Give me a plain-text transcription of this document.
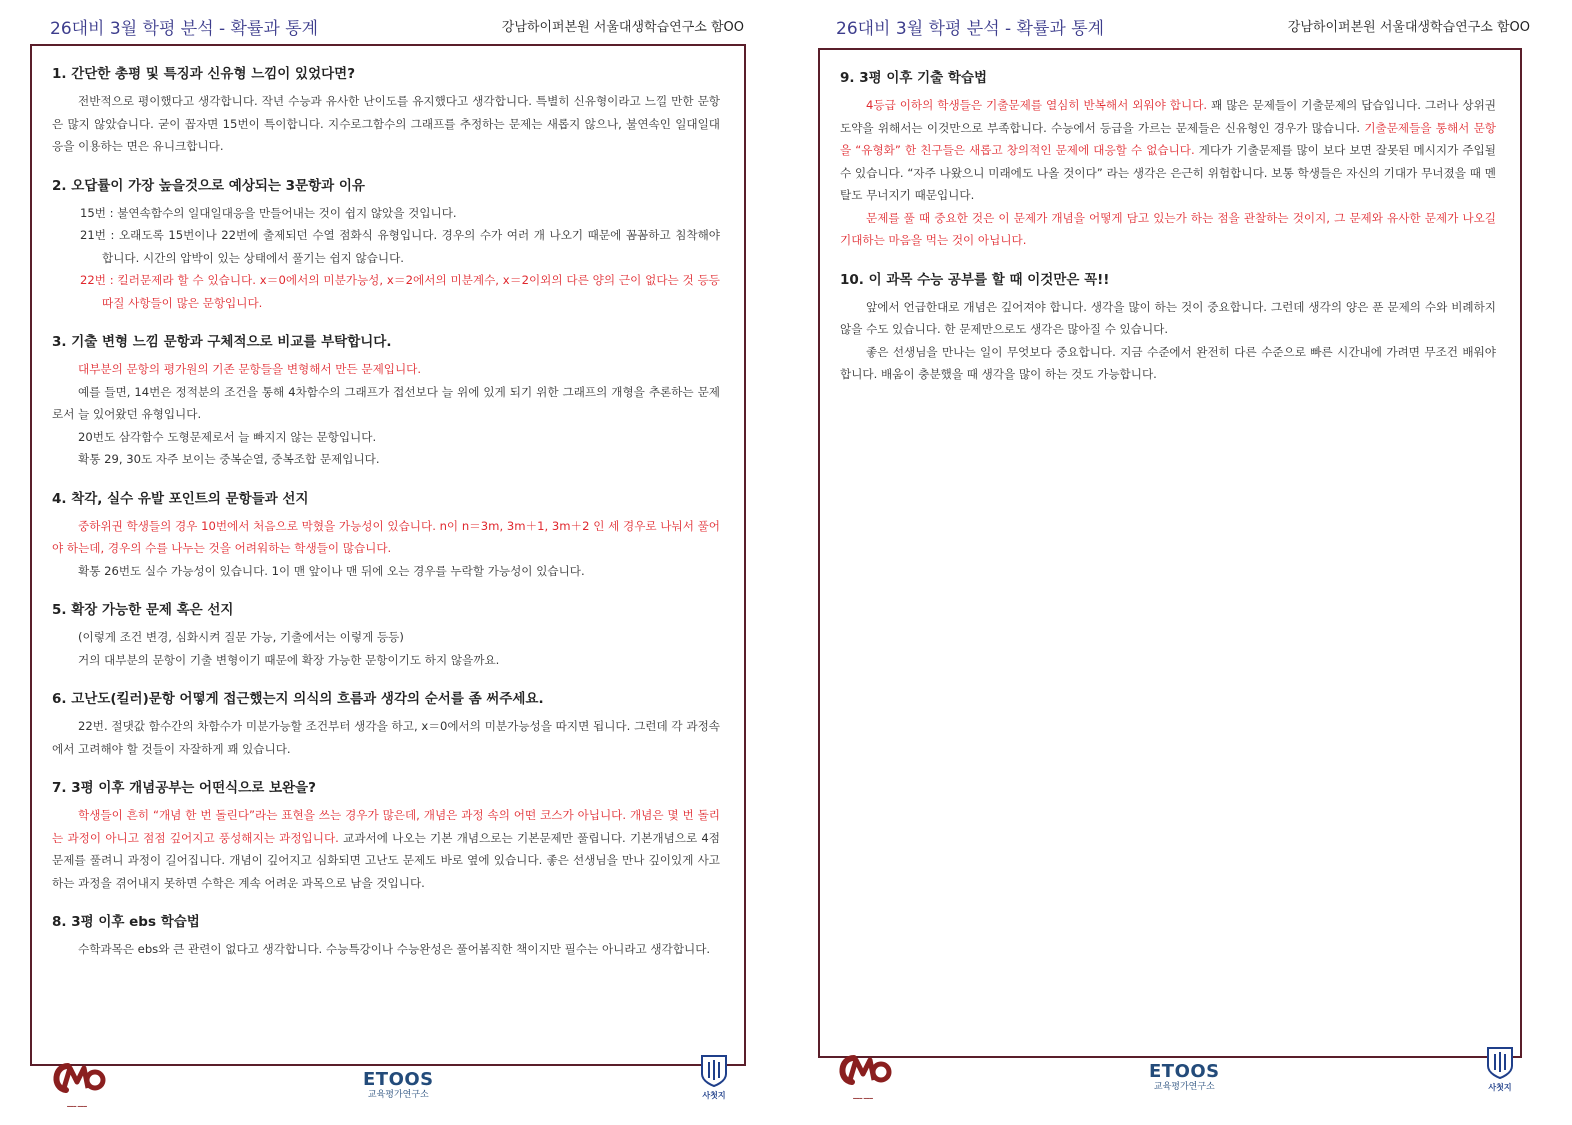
26대비 3월 학평 분석 - 확률과 통계	강남하이퍼본원 서울대생학습연구소 함OO
1. 간단한 총평 및 특징과 신유형 느낌이 있었다면?

전반적으로 평이했다고 생각합니다. 작년 수능과 유사한 난이도를 유지했다고 생각합니다. 특별히 신유형이라고 느낄 만한 문항은 많지 않았습니다. 굳이 꼽자면 15번이 특이합니다. 지수로그함수의 그래프를 추정하는 문제는 새롭지 않으나, 불연속인 일대일대응을 이용하는 면은 유니크합니다.

2. 오답률이 가장 높을것으로 예상되는 3문항과 이유

15번 : 불연속함수의 일대일대응을 만들어내는 것이 쉽지 않았을 것입니다.

21번 : 오래도록 15번이나 22번에 출제되던 수열 점화식 유형입니다. 경우의 수가 여러 개 나오기 때문에 꼼꼼하고 침착해야 합니다. 시간의 압박이 있는 상태에서 풀기는 쉽지 않습니다.

22번 : 킬러문제라 할 수 있습니다. x＝0에서의 미분가능성, x＝2에서의 미분계수, x＝2이외의 다른 양의 근이 없다는 것 등등 따질 사항들이 많은 문항입니다.

3. 기출 변형 느낌 문항과 구체적으로 비교를 부탁합니다.

대부분의 문항의 평가원의 기존 문항들을 변형해서 만든 문제입니다.

예를 들면, 14번은 정적분의 조건을 통해 4차함수의 그래프가 접선보다 늘 위에 있게 되기 위한 그래프의 개형을 추론하는 문제로서 늘 있어왔던 유형입니다.

20번도 삼각함수 도형문제로서 늘 빠지지 않는 문항입니다.

확통 29, 30도 자주 보이는 중복순열, 중복조합 문제입니다.

4. 착각, 실수 유발 포인트의 문항들과 선지

중하위권 학생들의 경우 10번에서 처음으로 막혔을 가능성이 있습니다. n이 n＝3m, 3m＋1, 3m＋2 인 세 경우로 나눠서 풀어야 하는데, 경우의 수를 나누는 것을 어려워하는 학생들이 많습니다.

확통 26번도 실수 가능성이 있습니다. 1이 맨 앞이나 맨 뒤에 오는 경우를 누락할 가능성이 있습니다.

5. 확장 가능한 문제 혹은 선지

(이렇게 조건 변경, 심화시켜 질문 가능, 기출에서는 이렇게 등등)

거의 대부분의 문항이 기출 변형이기 때문에 확장 가능한 문항이기도 하지 않을까요.

6. 고난도(킬러)문항 어떻게 접근했는지 의식의 흐름과 생각의 순서를 좀 써주세요.

22번. 절댓값 함수간의 차함수가 미분가능할 조건부터 생각을 하고, x＝0에서의 미분가능성을 따지면 됩니다. 그런데 각 과정속에서 고려해야 할 것들이 자잘하게 꽤 있습니다.

7. 3평 이후 개념공부는 어떤식으로 보완을?

학생들이 흔히 “개념 한 번 돌린다”라는 표현을 쓰는 경우가 많은데, 개념은 과정 속의 어떤 코스가 아닙니다. 개념은 몇 번 돌리는 과정이 아니고 점점 깊어지고 풍성해지는 과정입니다. 교과서에 나오는 기본 개념으로는 기본문제만 풀립니다. 기본개념으로 4점 문제를 풀려니 과정이 길어집니다. 개념이 깊어지고 심화되면 고난도 문제도 바로 옆에 있습니다. 좋은 선생님을 만나 깊이있게 사고하는 과정을 겪어내지 못하면 수학은 계속 어려운 과목으로 남을 것입니다.

8. 3평 이후 ebs 학습법

수학과목은 ebs와 큰 관련이 없다고 생각합니다. 수능특강이나 수능완성은 풀어봄직한 책이지만 필수는 아니라고 생각합니다.

━━━ ━━━
ETOOS
교육평가연구소	사첫지
26대비 3월 학평 분석 - 확률과 통계	강남하이퍼본원 서울대생학습연구소 함OO
9. 3평 이후 기출 학습법

4등급 이하의 학생들은 기출문제를 열심히 반복해서 외워야 합니다. 꽤 많은 문제들이 기출문제의 답습입니다. 그러나 상위권 도약을 위해서는 이것만으로 부족합니다. 수능에서 등급을 가르는 문제들은 신유형인 경우가 많습니다. 기출문제들을 통해서 문항을 “유형화” 한 친구들은 새롭고 창의적인 문제에 대응할 수 없습니다. 게다가 기출문제를 많이 보다 보면 잘못된 메시지가 주입될 수 있습니다. “자주 나왔으니 미래에도 나올 것이다” 라는 생각은 은근히 위험합니다. 보통 학생들은 자신의 기대가 무너졌을 때 멘탈도 무너지기 때문입니다.

문제를 풀 때 중요한 것은 이 문제가 개념을 어떻게 담고 있는가 하는 점을 관찰하는 것이지, 그 문제와 유사한 문제가 나오길 기대하는 마음을 먹는 것이 아닙니다.

10. 이 과목 수능 공부를 할 때 이것만은 꼭!!

앞에서 언급한대로 개념은 깊어져야 합니다. 생각을 많이 하는 것이 중요합니다. 그런데 생각의 양은 푼 문제의 수와 비례하지 않을 수도 있습니다. 한 문제만으로도 생각은 많아질 수 있습니다.

좋은 선생님을 만나는 일이 무엇보다 중요합니다. 지금 수준에서 완전히 다른 수준으로 빠른 시간내에 가려면 무조건 배워야 합니다. 배움이 충분했을 때 생각을 많이 하는 것도 가능합니다.

━━━ ━━━
ETOOS
교육평가연구소	사첫지
